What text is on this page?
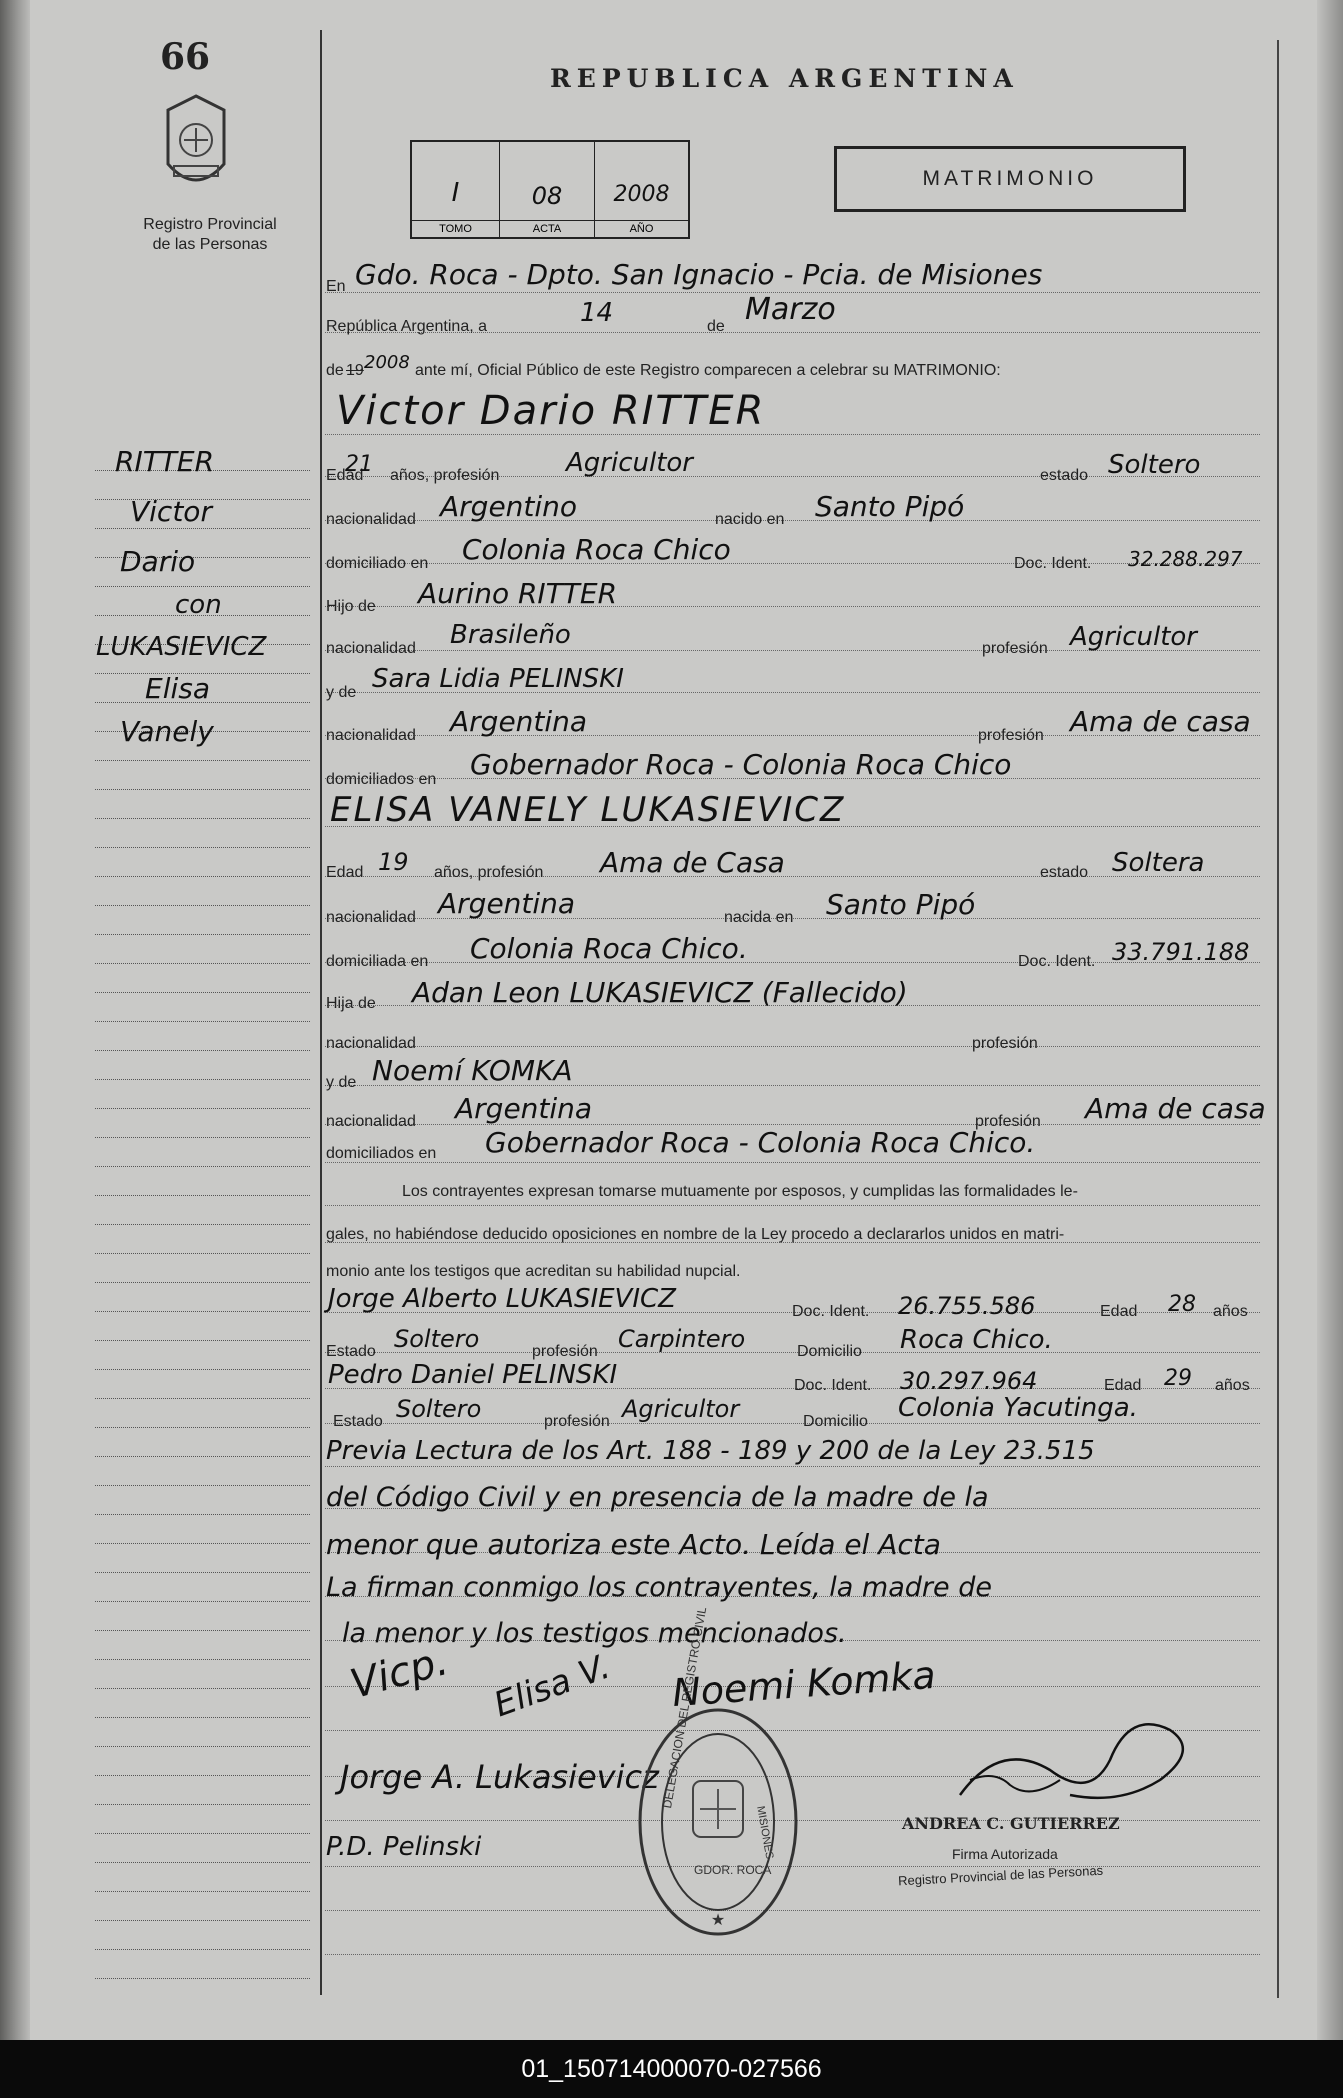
66
Registro Provincial
de las Personas
REPUBLICA ARGENTINA
MATRIMONIO
I
TOMO
08
ACTA
2008
AÑO
RITTER
Victor
Dario
con
LUKASIEVICZ
Elisa
Vanely
En Gdo. Roca - Dpto. San Ignacio - Pcia. de Misiones
República Argentina, a	14	de Marzo
de 19 2008 ante mí, Oficial Público de este Registro comparecen a celebrar su MATRIMONIO:
Victor Dario RITTER
Edad
21 años, profesión	Agricultor	estado Soltero
nacionalidad Argentino	nacido en Santo Pipó
domiciliado en Colonia Roca Chico	Doc. Ident. 32.288.297
Hijo de Aurino RITTER
nacionalidad Brasileño	profesión Agricultor
y de Sara Lidia PELINSKI
nacionalidad Argentina	profesión Ama de casa
domiciliados en Gobernador Roca - Colonia Roca Chico
ELISA VANELY LUKASIEVICZ
Edad 19 años, profesión Ama de Casa	estado Soltera
nacionalidad Argentina	nacida en Santo Pipó
domiciliada en Colonia Roca Chico.	Doc. Ident. 33.791.188
Hija de Adan Leon LUKASIEVICZ (Fallecido)
nacionalidad	profesión
y de Noemí KOMKA
nacionalidad Argentina	profesión Ama de casa
domiciliados en Gobernador Roca - Colonia Roca Chico.
Los contrayentes expresan tomarse mutuamente por esposos, y cumplidas las formalidades le-
gales, no habiéndose deducido oposiciones en nombre de la Ley procedo a declararlos unidos en matri-
monio ante los testigos que acreditan su habilidad nupcial.
Jorge Alberto LUKASIEVICZ	Doc. Ident. 26.755.586	Edad 28 años
Estado Soltero	profesión Carpintero	Domicilio Roca Chico.
Pedro Daniel PELINSKI	Doc. Ident. 30.297.964	Edad 29 años
Estado Soltero	profesión Agricultor	Domicilio Colonia Yacutinga.
Previa Lectura de los Art. 188 - 189 y 200 de la Ley 23.515
del Código Civil y en presencia de la madre de la
menor que autoriza este Acto. Leída el Acta
La firman conmigo los contrayentes, la madre de
la menor y los testigos mencionados.
Vicp. Elisa V. Noemi Komka
Jorge A. Lukasievicz
P.D. Pelinski
★
DELEGACION DEL REGISTRO CIVIL
GDOR. ROCA
MISIONES	ANDREA C. GUTIERREZ
Firma Autorizada
Registro Provincial de las Personas
01_150714000070-027566
